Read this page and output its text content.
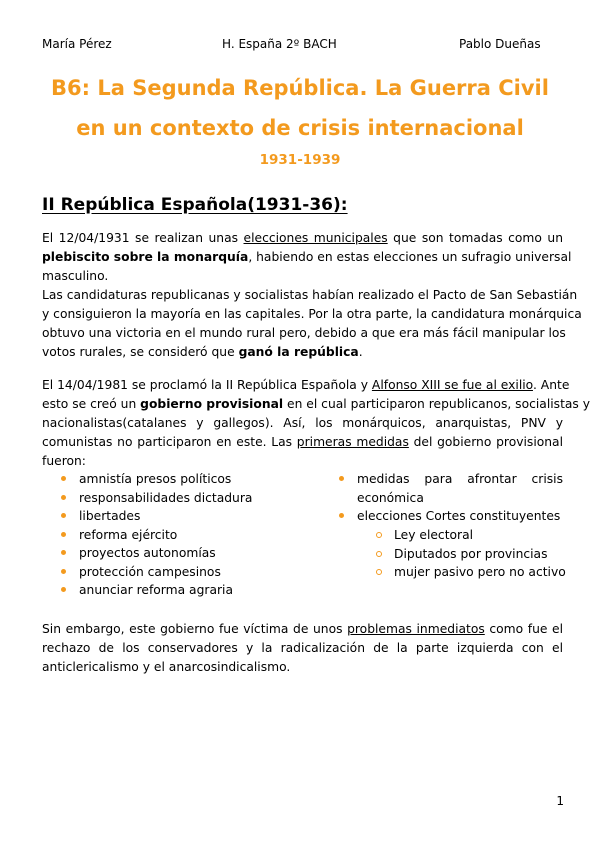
María Pérez	H. España 2º BACH	Pablo Dueñas
B6: La Segunda República. La Guerra Civil
en un contexto de crisis internacional
1931-1939
II República Española(1931-36):
El 12/04/1931 se realizan unas elecciones municipales que son tomadas como un
plebiscito sobre la monarquía, habiendo en estas elecciones un sufragio universal
masculino.
Las candidaturas republicanas y socialistas habían realizado el Pacto de San Sebastián
y consiguieron la mayoría en las capitales. Por la otra parte, la candidatura monárquica
obtuvo una victoria en el mundo rural pero, debido a que era más fácil manipular los
votos rurales, se consideró que ganó la república.
El 14/04/1981 se proclamó la II República Española y Alfonso XIII se fue al exilio. Ante
esto se creó un gobierno provisional en el cual participaron republicanos, socialistas y
nacionalistas(catalanes y gallegos). Así, los monárquicos, anarquistas, PNV y
comunistas no participaron en este. Las primeras medidas del gobierno provisional
fueron:
amnistía presos políticos
responsabilidades dictadura
libertades
reforma ejército
proyectos autonomías
protección campesinos
anunciar reforma agraria
medidas para afrontar crisis
económica
elecciones Cortes constituyentes
Ley electoral
Diputados por provincias
mujer pasivo pero no activo
Sin embargo, este gobierno fue víctima de unos problemas inmediatos como fue el
rechazo de los conservadores y la radicalización de la parte izquierda con el
anticlericalismo y el anarcosindicalismo.
1
